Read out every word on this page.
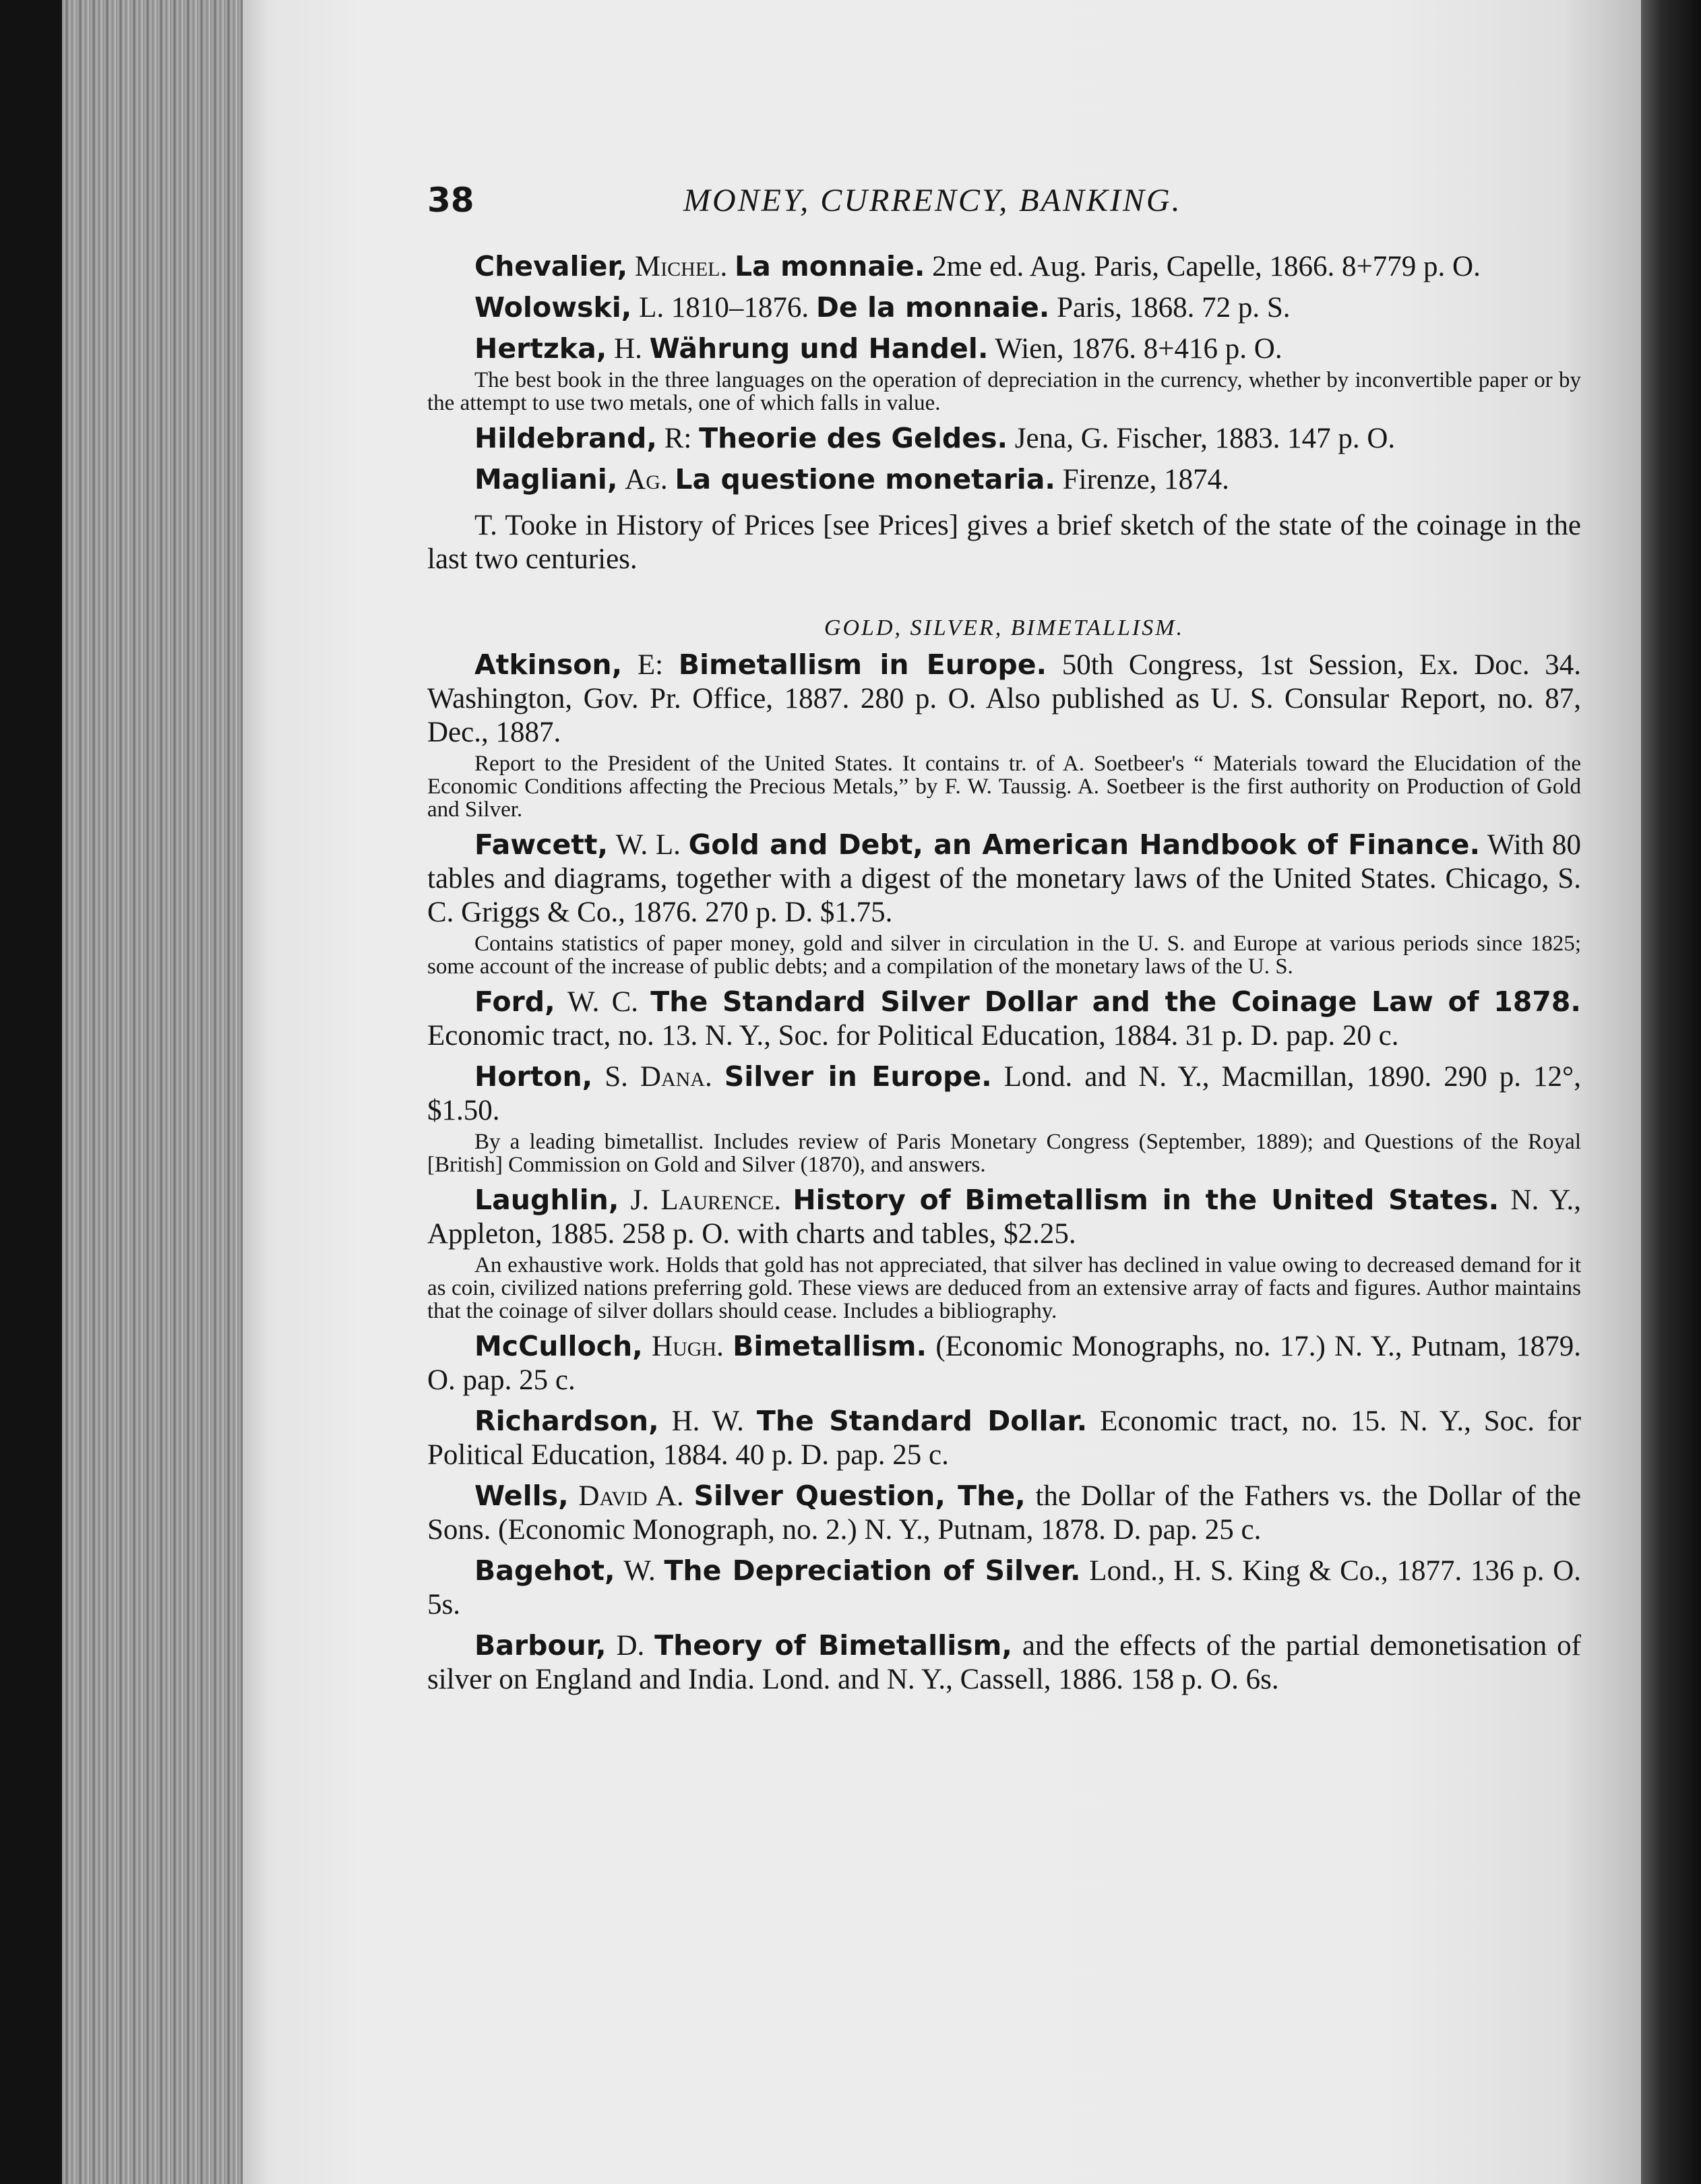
38	MONEY, CURRENCY, BANKING.

Chevalier, Michel. La monnaie. 2me ed. Aug. Paris, Capelle, 1866. 8+779 p. O.

Wolowski, L. 1810–1876. De la monnaie. Paris, 1868. 72 p. S.

Hertzka, H. Währung und Handel. Wien, 1876. 8+416 p. O.

The best book in the three languages on the operation of depreciation in the currency, whether by inconvertible paper or by the attempt to use two metals, one of which falls in value.

Hildebrand, R: Theorie des Geldes. Jena, G. Fischer, 1883. 147 p. O.

Magliani, Ag. La questione monetaria. Firenze, 1874.

T. Tooke in History of Prices [see Prices] gives a brief sketch of the state of the coinage in the last two centuries.

GOLD, SILVER, BIMETALLISM.

Atkinson, E: Bimetallism in Europe. 50th Congress, 1st Session, Ex. Doc. 34. Washington, Gov. Pr. Office, 1887. 280 p. O. Also published as U. S. Consular Report, no. 87, Dec., 1887.

Report to the President of the United States. It contains tr. of A. Soetbeer's “ Materials toward the Elucidation of the Economic Conditions affecting the Precious Metals,” by F. W. Taussig. A. Soetbeer is the first authority on Production of Gold and Silver.

Fawcett, W. L. Gold and Debt, an American Handbook of Finance. With 80 tables and diagrams, together with a digest of the monetary laws of the United States. Chicago, S. C. Griggs & Co., 1876. 270 p. D. $1.75.

Contains statistics of paper money, gold and silver in circulation in the U. S. and Europe at various periods since 1825; some account of the increase of public debts; and a compilation of the monetary laws of the U. S.

Ford, W. C. The Standard Silver Dollar and the Coinage Law of 1878. Economic tract, no. 13. N. Y., Soc. for Political Education, 1884. 31 p. D. pap. 20 c.

Horton, S. Dana. Silver in Europe. Lond. and N. Y., Macmillan, 1890. 290 p. 12°, $1.50.

By a leading bimetallist. Includes review of Paris Monetary Congress (September, 1889); and Questions of the Royal [British] Commission on Gold and Silver (1870), and answers.

Laughlin, J. Laurence. History of Bimetallism in the United States. N. Y., Appleton, 1885. 258 p. O. with charts and tables, $2.25.

An exhaustive work. Holds that gold has not appreciated, that silver has declined in value owing to decreased demand for it as coin, civilized nations preferring gold. These views are deduced from an extensive array of facts and figures. Author maintains that the coinage of silver dollars should cease. Includes a bibliography.

McCulloch, Hugh. Bimetallism. (Economic Monographs, no. 17.) N. Y., Putnam, 1879. O. pap. 25 c.

Richardson, H. W. The Standard Dollar. Economic tract, no. 15. N. Y., Soc. for Political Education, 1884. 40 p. D. pap. 25 c.

Wells, David A. Silver Question, The, the Dollar of the Fathers vs. the Dollar of the Sons. (Economic Monograph, no. 2.) N. Y., Putnam, 1878. D. pap. 25 c.

Bagehot, W. The Depreciation of Silver. Lond., H. S. King & Co., 1877. 136 p. O. 5s.

Barbour, D. Theory of Bimetallism, and the effects of the partial demonetisation of silver on England and India. Lond. and N. Y., Cassell, 1886. 158 p. O. 6s.
